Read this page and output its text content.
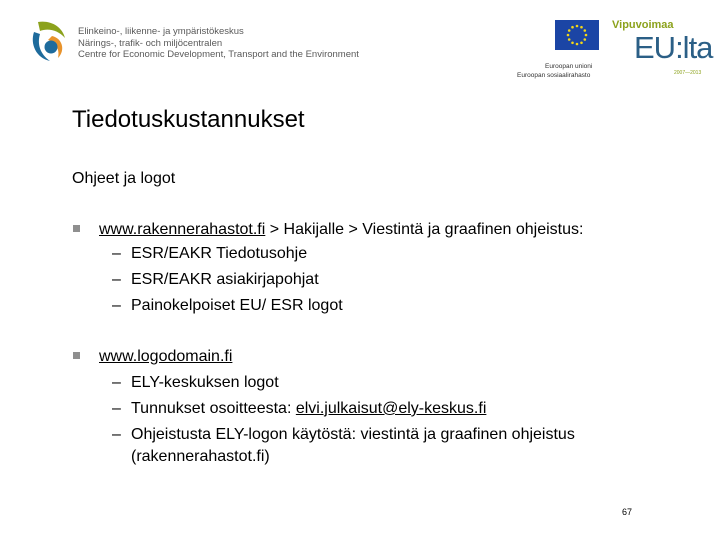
Elinkeino-, liikenne- ja ympäristökeskus
Närings-, trafik- och miljöcentralen
Centre for Economic Development, Transport and the Environment
Euroopan unioni
Euroopan sosiaalirahasto
Vipuvoimaa
EU:lta
2007—2013
Tiedotuskustannukset
Ohjeet ja logot
www.rakennerahastot.fi > Hakijalle > Viestintä ja graafinen ohjeistus:
– ESR/EAKR Tiedotusohje
– ESR/EAKR asiakirjapohjat
– Painokelpoiset EU/ ESR logot
www.logodomain.fi
– ELY-keskuksen logot
– Tunnukset osoitteesta: elvi.julkaisut@ely-keskus.fi
– Ohjeistusta ELY-logon käytöstä: viestintä ja graafinen ohjeistus
(rakennerahastot.fi)
67
